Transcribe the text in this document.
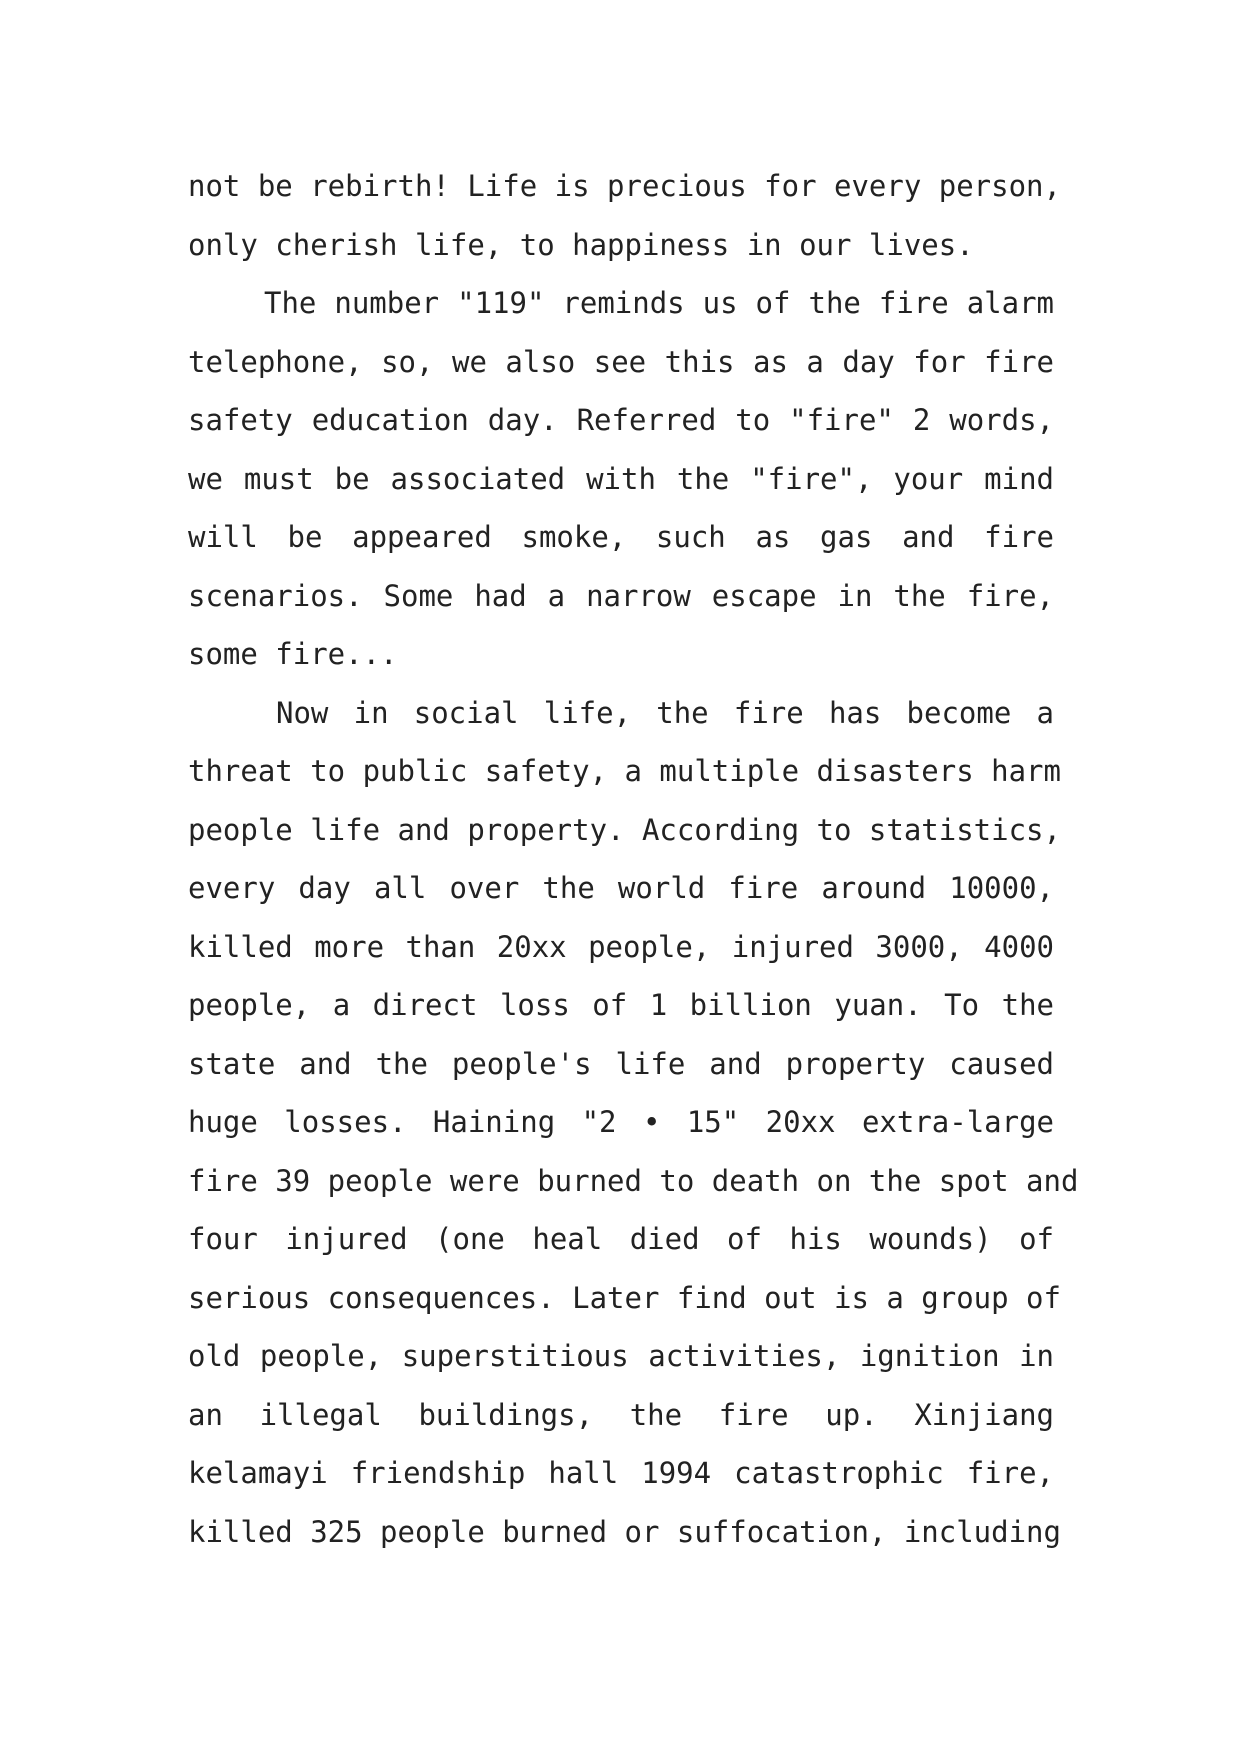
not be rebirth! Life is precious for every person,
only cherish life, to happiness in our lives.
The number "119" reminds us of the fire alarm
telephone, so, we also see this as a day for fire
safety education day. Referred to "fire" 2 words,
we must be associated with the "fire", your mind
will be appeared smoke, such as gas and fire
scenarios. Some had a narrow escape in the fire,
some fire...
Now in social life, the fire has become a
threat to public safety, a multiple disasters harm
people life and property. According to statistics,
every day all over the world fire around 10000,
killed more than 20xx people, injured 3000, 4000
people, a direct loss of 1 billion yuan. To the
state and the people's life and property caused
huge losses. Haining "2 • 15" 20xx extra-large
fire 39 people were burned to death on the spot and
four injured (one heal died of his wounds) of
serious consequences. Later find out is a group of
old people, superstitious activities, ignition in
an illegal buildings, the fire up. Xinjiang
kelamayi friendship hall 1994 catastrophic fire,
killed 325 people burned or suffocation, including
